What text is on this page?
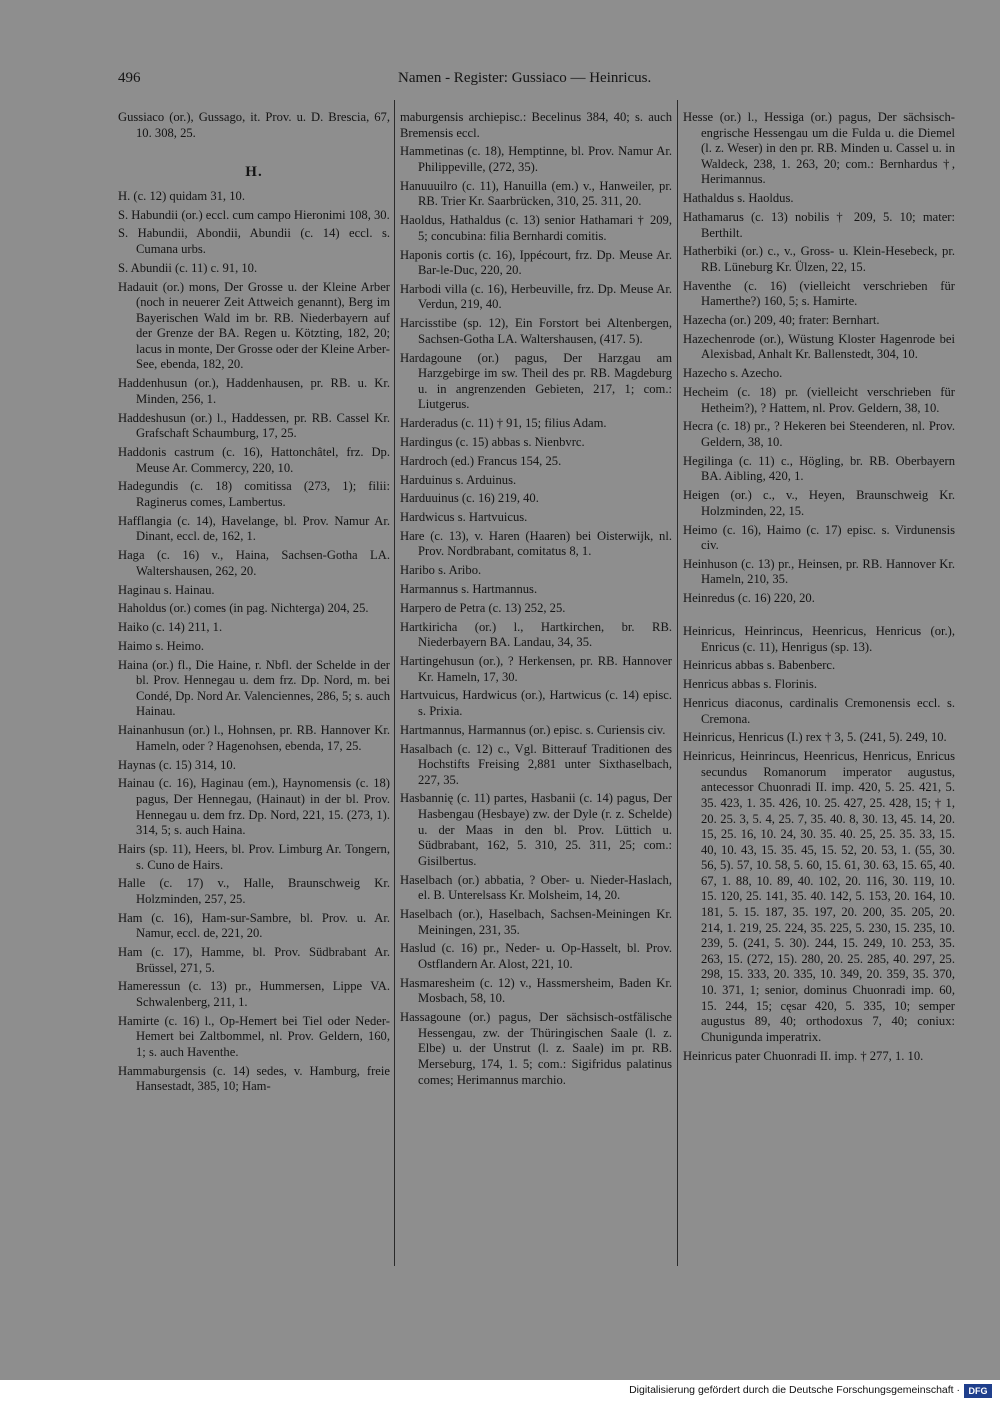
496	Namen - Register: Gussiaco — Heinricus.
Gussiaco (or.), Gussago, it. Prov. u. D. Brescia, 67, 10. 308, 25.
H.
H. (c. 12) quidam 31, 10.
S. Habundii (or.) eccl. cum campo Hieronimi 108, 30.
S. Habundii, Abondii, Abundii (c. 14) eccl. s. Cumana urbs.
S. Abundii (c. 11) c. 91, 10.
Hadauit (or.) mons, Der Grosse u. der Kleine Arber (noch in neuerer Zeit Attweich genannt), Berg im Bayerischen Wald im br. RB. Niederbayern auf der Grenze der BA. Regen u. Kötzting, 182, 20; lacus in monte, Der Grosse oder der Kleine Arber-See, ebenda, 182, 20.
Haddenhusun (or.), Haddenhausen, pr. RB. u. Kr. Minden, 256, 1.
Haddeshusun (or.) l., Haddessen, pr. RB. Cassel Kr. Grafschaft Schaumburg, 17, 25.
Haddonis castrum (c. 16), Hattonchâtel, frz. Dp. Meuse Ar. Commercy, 220, 10.
Hadegundis (c. 18) comitissa (273, 1); filii: Raginerus comes, Lambertus.
Hafflangia (c. 14), Havelange, bl. Prov. Namur Ar. Dinant, eccl. de, 162, 1.
Haga (c. 16) v., Haina, Sachsen-Gotha LA. Waltershausen, 262, 20.
Haginau s. Hainau.
Haholdus (or.) comes (in pag. Nichterga) 204, 25.
Haiko (c. 14) 211, 1.
Haimo s. Heimo.
Haina (or.) fl., Die Haine, r. Nbfl. der Schelde in der bl. Prov. Hennegau u. dem frz. Dp. Nord, m. bei Condé, Dp. Nord Ar. Valenciennes, 286, 5; s. auch Hainau.
Hainanhusun (or.) l., Hohnsen, pr. RB. Hannover Kr. Hameln, oder ? Hagenohsen, ebenda, 17, 25.
Haynas (c. 15) 314, 10.
Hainau (c. 16), Haginau (em.), Haynomensis (c. 18) pagus, Der Hennegau, (Hainaut) in der bl. Prov. Hennegau u. dem frz. Dp. Nord, 221, 15. (273, 1). 314, 5; s. auch Haina.
Hairs (sp. 11), Heers, bl. Prov. Limburg Ar. Tongern, s. Cuno de Hairs.
Halle (c. 17) v., Halle, Braunschweig Kr. Holzminden, 257, 25.
Ham (c. 16), Ham-sur-Sambre, bl. Prov. u. Ar. Namur, eccl. de, 221, 20.
Ham (c. 17), Hamme, bl. Prov. Südbrabant Ar. Brüssel, 271, 5.
Hameressun (c. 13) pr., Hummersen, Lippe VA. Schwalenberg, 211, 1.
Hamirte (c. 16) l., Op-Hemert bei Tiel oder Neder-Hemert bei Zaltbommel, nl. Prov. Geldern, 160, 1; s. auch Haventhe.
Hammaburgensis (c. 14) sedes, v. Hamburg, freie Hansestadt, 385, 10; Ham-
maburgensis archiepisc.: Becelinus 384, 40; s. auch Bremensis eccl.
Hammetinas (c. 18), Hemptinne, bl. Prov. Namur Ar. Philippeville, (272, 35).
Hanuuuilro (c. 11), Hanuilla (em.) v., Hanweiler, pr. RB. Trier Kr. Saarbrücken, 310, 25. 311, 20.
Haoldus, Hathaldus (c. 13) senior Hathamari † 209, 5; concubina: filia Bernhardi comitis.
Haponis cortis (c. 16), Ippécourt, frz. Dp. Meuse Ar. Bar-le-Duc, 220, 20.
Harbodi villa (c. 16), Herbeuville, frz. Dp. Meuse Ar. Verdun, 219, 40.
Harcisstibe (sp. 12), Ein Forstort bei Altenbergen, Sachsen-Gotha LA. Waltershausen, (417. 5).
Hardagoune (or.) pagus, Der Harzgau am Harzgebirge im sw. Theil des pr. RB. Magdeburg u. in angrenzenden Gebieten, 217, 1; com.: Liutgerus.
Harderadus (c. 11) † 91, 15; filius Adam.
Hardingus (c. 15) abbas s. Nienbvrc.
Hardroch (ed.) Francus 154, 25.
Harduinus s. Arduinus.
Harduuinus (c. 16) 219, 40.
Hardwicus s. Hartvuicus.
Hare (c. 13), v. Haren (Haaren) bei Oisterwijk, nl. Prov. Nordbrabant, comitatus 8, 1.
Haribo s. Aribo.
Harmannus s. Hartmannus.
Harpero de Petra (c. 13) 252, 25.
Hartkiricha (or.) l., Hartkirchen, br. RB. Niederbayern BA. Landau, 34, 35.
Hartingehusun (or.), ? Herkensen, pr. RB. Hannover Kr. Hameln, 17, 30.
Hartvuicus, Hardwicus (or.), Hartwicus (c. 14) episc. s. Prixia.
Hartmannus, Harmannus (or.) episc. s. Curiensis civ.
Hasalbach (c. 12) c., Vgl. Bitterauf Traditionen des Hochstifts Freising 2,881 unter Sixthaselbach, 227, 35.
Hasbannię (c. 11) partes, Hasbanii (c. 14) pagus, Der Hasbengau (Hesbaye) zw. der Dyle (r. z. Schelde) u. der Maas in den bl. Prov. Lüttich u. Südbrabant, 162, 5. 310, 25. 311, 25; com.: Gisilbertus.
Haselbach (or.) abbatia, ? Ober- u. Nieder-Haslach, el. B. Unterelsass Kr. Molsheim, 14, 20.
Haselbach (or.), Haselbach, Sachsen-Meiningen Kr. Meiningen, 231, 35.
Haslud (c. 16) pr., Neder- u. Op-Hasselt, bl. Prov. Ostflandern Ar. Alost, 221, 10.
Hasmaresheim (c. 12) v., Hassmersheim, Baden Kr. Mosbach, 58, 10.
Hassagoune (or.) pagus, Der sächsisch-ostfälische Hessengau, zw. der Thüringischen Saale (l. z. Elbe) u. der Unstrut (l. z. Saale) im pr. RB. Merseburg, 174, 1. 5; com.: Sigifridus palatinus comes; Herimannus marchio.
Hesse (or.) l., Hessiga (or.) pagus, Der sächsisch-engrische Hessengau um die Fulda u. die Diemel (l. z. Weser) in den pr. RB. Minden u. Cassel u. in Waldeck, 238, 1. 263, 20; com.: Bernhardus †, Herimannus.
Hathaldus s. Haoldus.
Hathamarus (c. 13) nobilis † 209, 5. 10; mater: Berthilt.
Hatherbiki (or.) c., v., Gross- u. Klein-Hesebeck, pr. RB. Lüneburg Kr. Ülzen, 22, 15.
Haventhe (c. 16) (vielleicht verschrieben für Hamerthe?) 160, 5; s. Hamirte.
Hazecha (or.) 209, 40; frater: Bernhart.
Hazechenrode (or.), Wüstung Kloster Hagenrode bei Alexisbad, Anhalt Kr. Ballenstedt, 304, 10.
Hazecho s. Azecho.
Hecheim (c. 18) pr. (vielleicht verschrieben für Hetheim?), ? Hattem, nl. Prov. Geldern, 38, 10.
Hecra (c. 18) pr., ? Hekeren bei Steenderen, nl. Prov. Geldern, 38, 10.
Hegilinga (c. 11) c., Högling, br. RB. Oberbayern BA. Aibling, 420, 1.
Heigen (or.) c., v., Heyen, Braunschweig Kr. Holzminden, 22, 15.
Heimo (c. 16), Haimo (c. 17) episc. s. Virdunensis civ.
Heinhuson (c. 13) pr., Heinsen, pr. RB. Hannover Kr. Hameln, 210, 35.
Heinredus (c. 16) 220, 20.
Heinricus, Heinrincus, Heenricus, Henricus (or.), Enricus (c. 11), Henrigus (sp. 13).
Heinricus abbas s. Babenberc.
Henricus abbas s. Florinis.
Henricus diaconus, cardinalis Cremonensis eccl. s. Cremona.
Heinricus, Henricus (I.) rex † 3, 5. (241, 5). 249, 10.
Heinricus, Heinrincus, Heenricus, Henricus, Enricus secundus Romanorum imperator augustus, antecessor Chuonradi II. imp. 420, 5. 25. 421, 5. 35. 423, 1. 35. 426, 10. 25. 427, 25. 428, 15; † 1, 20. 25. 3, 5. 4, 25. 7, 35. 40. 8, 30. 13, 45. 14, 20. 15, 25. 16, 10. 24, 30. 35. 40. 25, 25. 35. 33, 15. 40, 10. 43, 15. 35. 45, 15. 52, 20. 53, 1. (55, 30. 56, 5). 57, 10. 58, 5. 60, 15. 61, 30. 63, 15. 65, 40. 67, 1. 88, 10. 89, 40. 102, 20. 116, 30. 119, 10. 15. 120, 25. 141, 35. 40. 142, 5. 153, 20. 164, 10. 181, 5. 15. 187, 35. 197, 20. 200, 35. 205, 20. 214, 1. 219, 25. 224, 35. 225, 5. 230, 15. 235, 10. 239, 5. (241, 5. 30). 244, 15. 249, 10. 253, 35. 263, 15. (272, 15). 280, 20. 25. 285, 40. 297, 25. 298, 15. 333, 20. 335, 10. 349, 20. 359, 35. 370, 10. 371, 1; senior, dominus Chuonradi imp. 60, 15. 244, 15; cęsar 420, 5. 335, 10; semper augustus 89, 40; orthodoxus 7, 40; coniux: Chunigunda imperatrix.
Heinricus pater Chuonradi II. imp. † 277, 1. 10.
Digitalisierung gefördert durch die Deutsche Forschungsgemeinschaft · DFG
